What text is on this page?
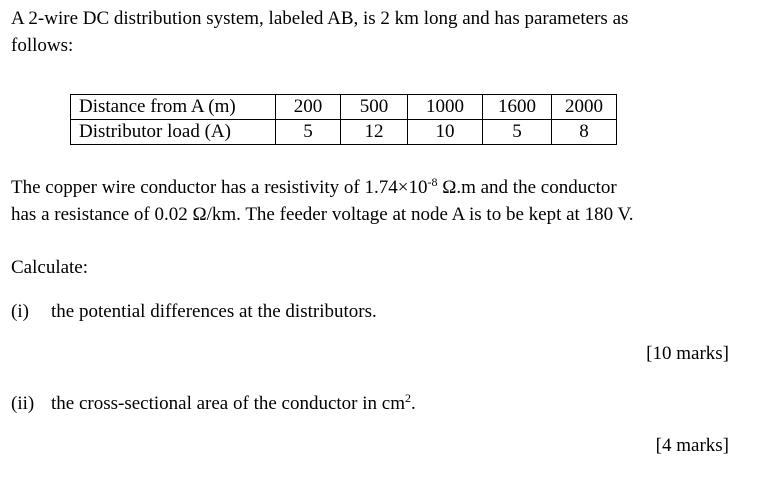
A 2-wire DC distribution system, labeled AB, is 2 km long and has parameters as
follows:
Distance from A (m)	200	500	1000	1600	2000
Distributor load (A)	5	12	10	5	8
The copper wire conductor has a resistivity of $1.74\times 10^{-8}$ Ω.m and the conductor
has a resistance of 0.02 Ω/km. The feeder voltage at node A is to be kept at 180 V.
Calculate:
(i) the potential differences at the distributors.
[10 marks]
(ii) the cross-sectional area of the conductor in $cm^2$.
[4 marks]
